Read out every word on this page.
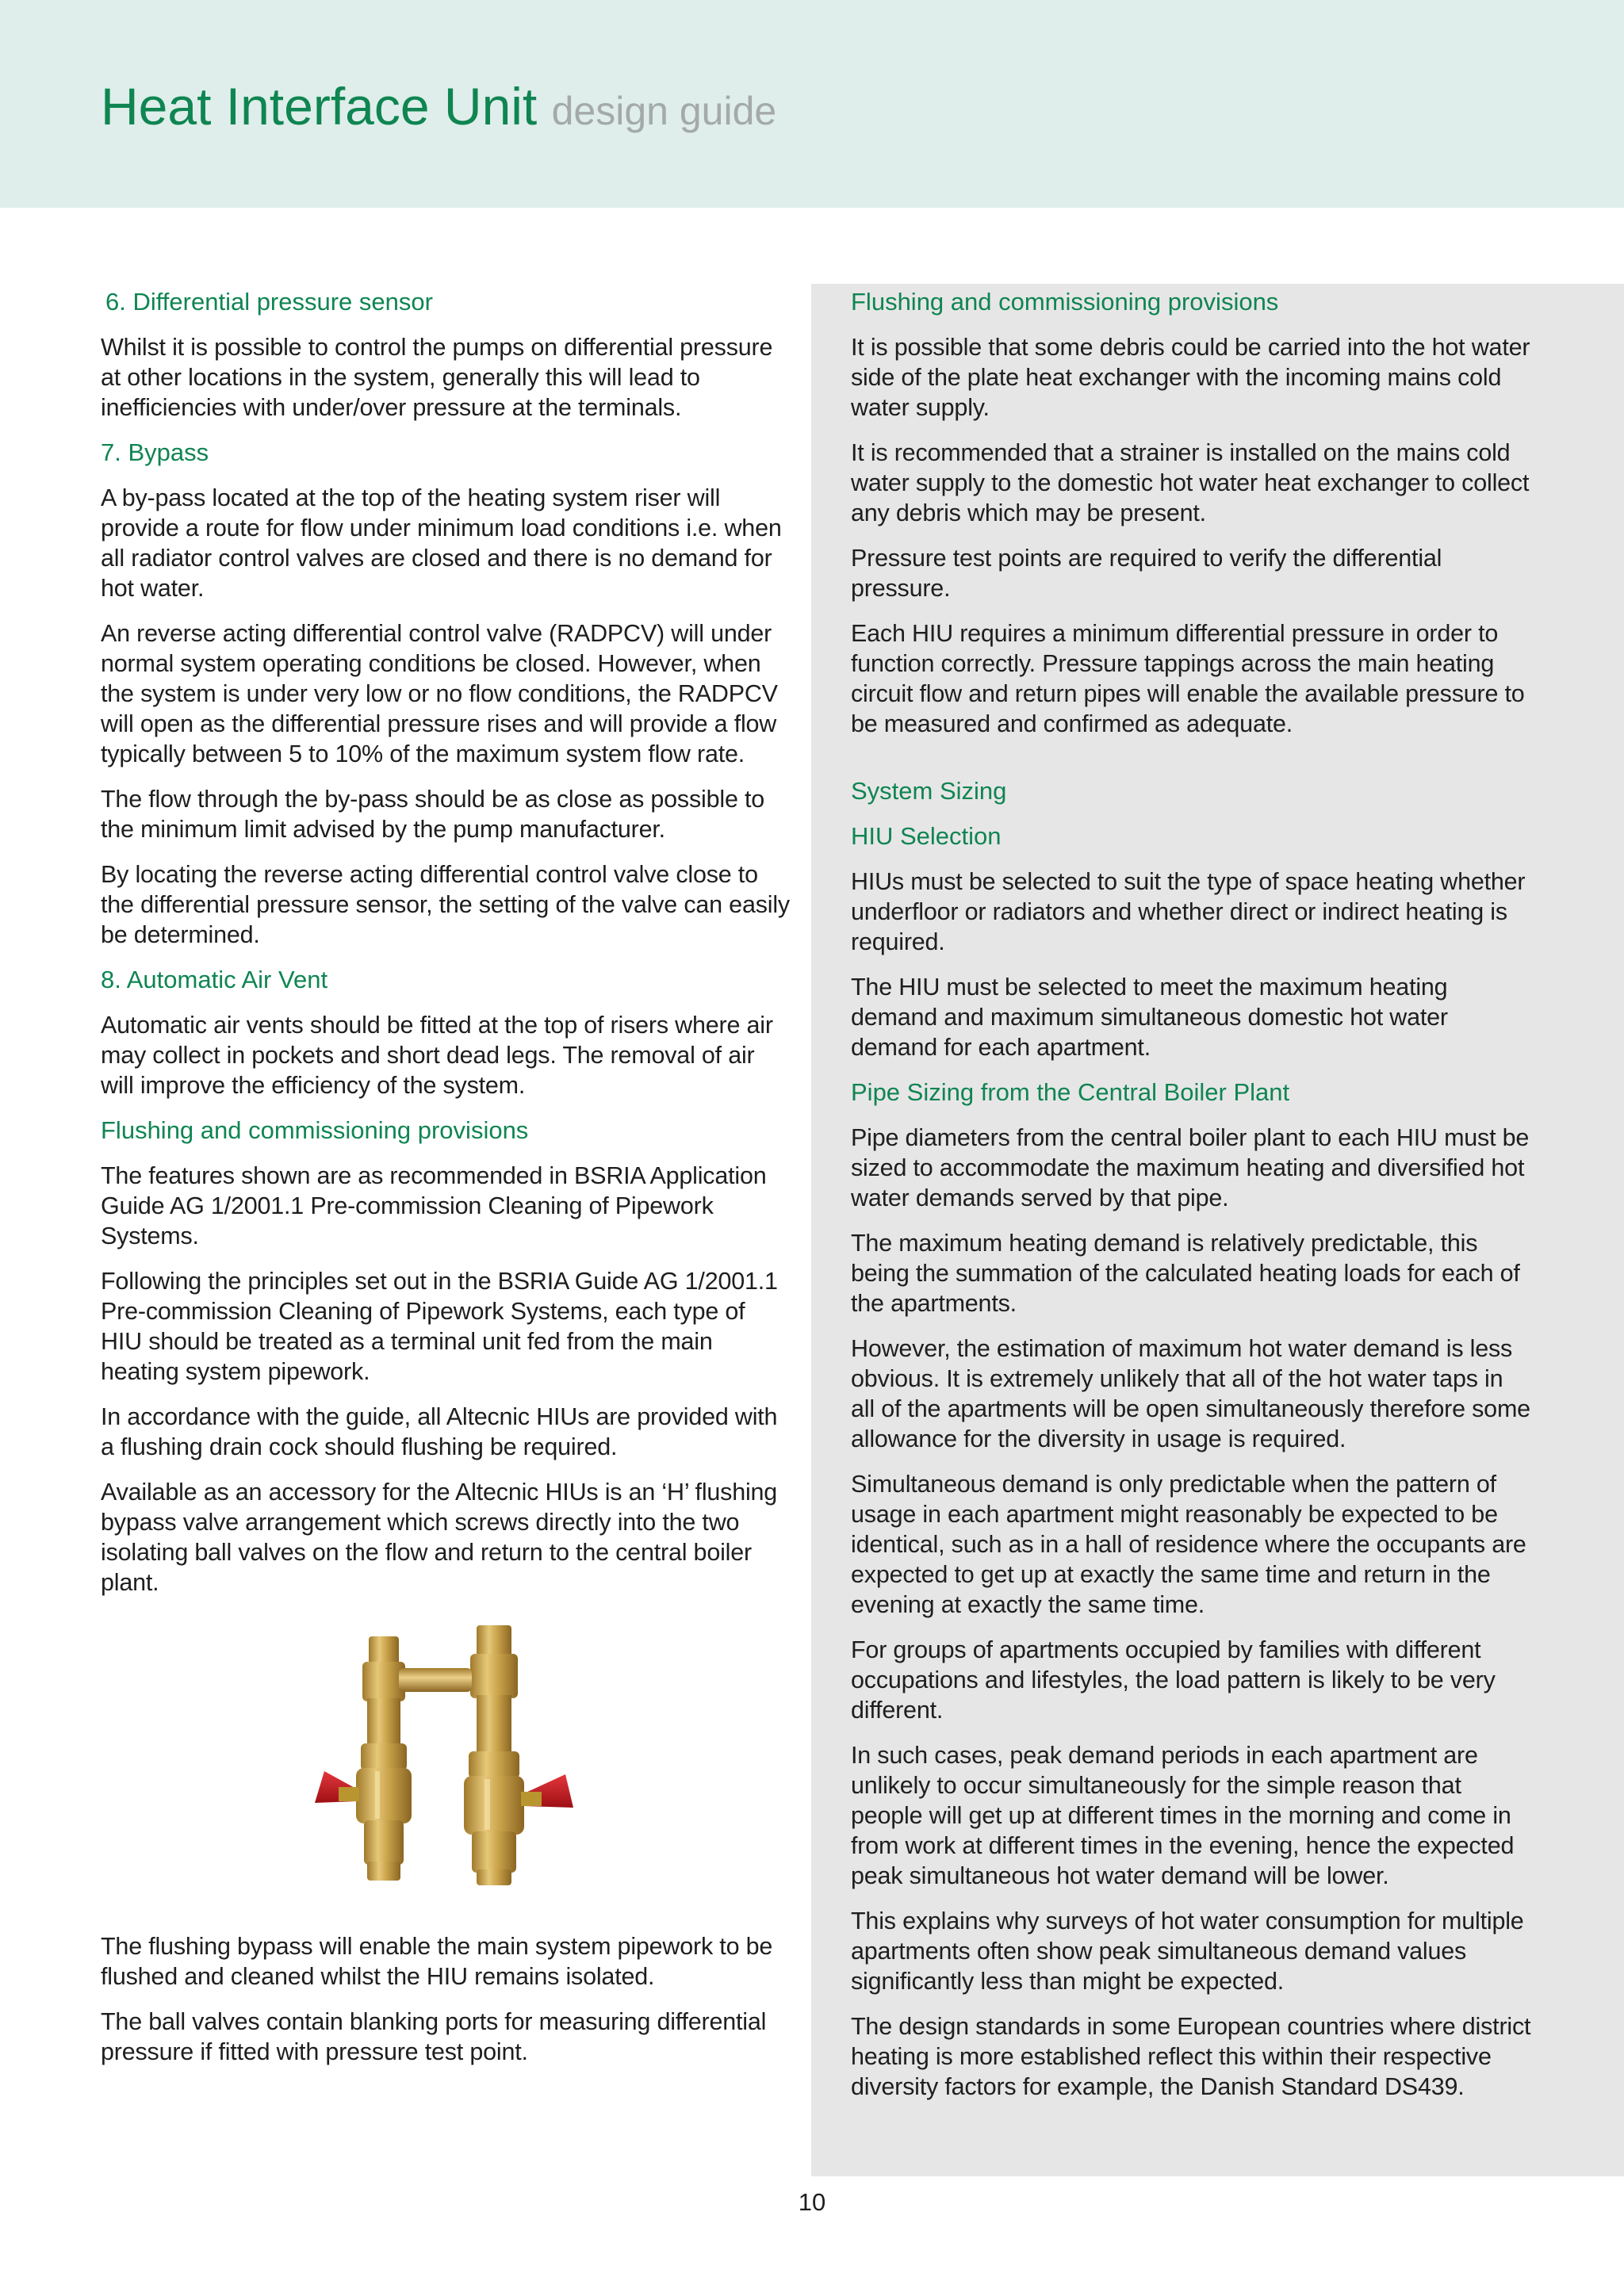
Heat Interface Unit design guide
6. Differential pressure sensor

Whilst it is possible to control the pumps on differential pressure at other locations in the system, generally this will lead to inefficiencies with under/over pressure at the terminals.

7. Bypass

A by-pass located at the top of the heating system riser will provide a route for flow under minimum load conditions i.e. when all radiator control valves are closed and there is no demand for hot water.

An reverse acting differential control valve (RADPCV) will under normal system operating conditions be closed. However, when the system is under very low or no flow conditions, the RADPCV will open as the differential pressure rises and will provide a flow typically between 5 to 10% of the maximum system flow rate.

The flow through the by-pass should be as close as possible to the minimum limit advised by the pump manufacturer.

By locating the reverse acting differential control valve close to the differential pressure sensor, the setting of the valve can easily be determined.

8. Automatic Air Vent

Automatic air vents should be fitted at the top of risers where air may collect in pockets and short dead legs. The removal of air will improve the efficiency of the system.

Flushing and commissioning provisions

The features shown are as recommended in BSRIA Application Guide AG 1/2001.1 Pre-commission Cleaning of Pipework Systems.

Following the principles set out in the BSRIA Guide AG 1/2001.1 Pre-commission Cleaning of Pipework Systems, each type of HIU should be treated as a terminal unit fed from the main heating system pipework.

In accordance with the guide, all Altecnic HIUs are provided with a flushing drain cock should flushing be required.

Available as an accessory for the Altecnic HIUs is an ‘H’ flushing bypass valve arrangement which screws directly into the two isolating ball valves on the flow and return to the central boiler plant.

The flushing bypass will enable the main system pipework to be flushed and cleaned whilst the HIU remains isolated.

The ball valves contain blanking ports for measuring differential pressure if fitted with pressure test point.

Flushing and commissioning provisions

It is possible that some debris could be carried into the hot water side of the plate heat exchanger with the incoming mains cold water supply.

It is recommended that a strainer is installed on the mains cold water supply to the domestic hot water heat exchanger to collect any debris which may be present.

Pressure test points are required to verify the differential pressure.

Each HIU requires a minimum differential pressure in order to function correctly. Pressure tappings across the main heating circuit flow and return pipes will enable the available pressure to be measured and confirmed as adequate.

System Sizing
HIU Selection

HIUs must be selected to suit the type of space heating whether underfloor or radiators and whether direct or indirect heating is required.

The HIU must be selected to meet the maximum heating demand and maximum simultaneous domestic hot water demand for each apartment.

Pipe Sizing from the Central Boiler Plant

Pipe diameters from the central boiler plant to each HIU must be sized to accommodate the maximum heating and diversified hot water demands served by that pipe.

The maximum heating demand is relatively predictable, this being the summation of the calculated heating loads for each of the apartments.

However, the estimation of maximum hot water demand is less obvious. It is extremely unlikely that all of the hot water taps in all of the apartments will be open simultaneously therefore some allowance for the diversity in usage is required.

Simultaneous demand is only predictable when the pattern of usage in each apartment might reasonably be expected to be identical, such as in a hall of residence where the occupants are expected to get up at exactly the same time and return in the evening at exactly the same time.

For groups of apartments occupied by families with different occupations and lifestyles, the load pattern is likely to be very different.

In such cases, peak demand periods in each apartment are unlikely to occur simultaneously for the simple reason that people will get up at different times in the morning and come in from work at different times in the evening, hence the expected peak simultaneous hot water demand will be lower.

This explains why surveys of hot water consumption for multiple apartments often show peak simultaneous demand values significantly less than might be expected.

The design standards in some European countries where district heating is more established reflect this within their respective diversity factors for example, the Danish Standard DS439.

10
